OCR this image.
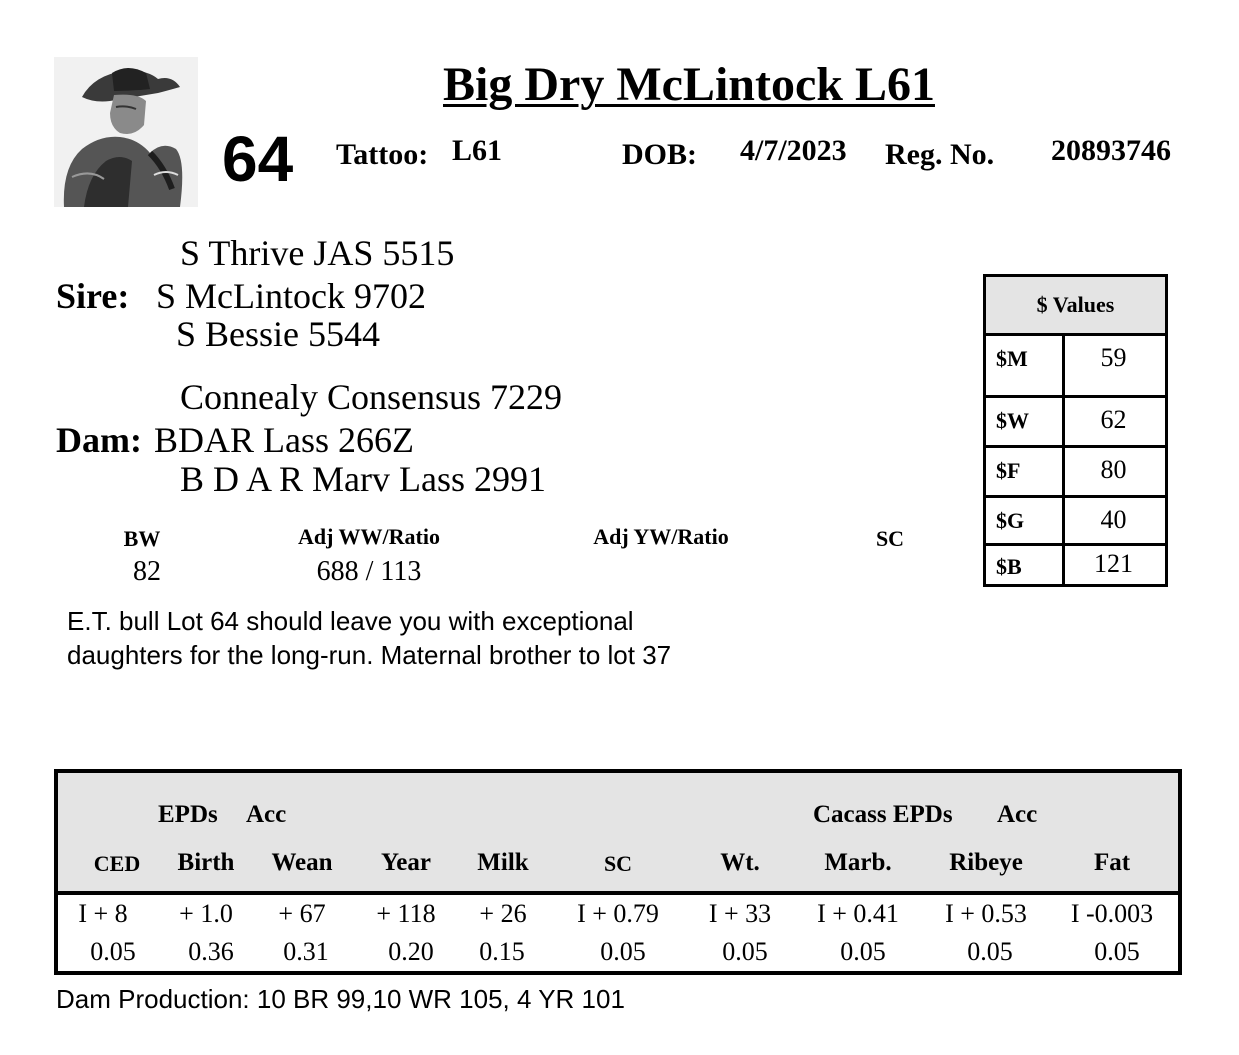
Big Dry McLintock L61
64 Tattoo: L61	DOB: 4/7/2023 Reg. No. 20893746
S Thrive JAS 5515
Sire: S McLintock 9702
S Bessie 5544
Connealy Consensus 7229
Dam: BDAR Lass 266Z
B D A R Marv Lass 2991
BW
82
Adj WW/Ratio
688 / 113
Adj YW/Ratio	SC
E.T. bull Lot 64 should leave you with exceptional
daughters for the long-run. Maternal brother to lot 37
$ Values
$M	59
$W	62
$F	80
$G	40
$B	121
EPDs Acc	Cacass EPDs Acc
CED	Birth	Wean	Year	Milk	SC	Wt.	Marb.	Ribeye	Fat
I + 8	+ 1.0	+ 67	+ 118	+ 26	I + 0.79	I + 33	I + 0.41	I + 0.53	I -0.003
0.05	0.36	0.31	0.20	0.15	0.05	0.05	0.05	0.05	0.05
Dam Production: 10 BR 99,10 WR 105, 4 YR 101
